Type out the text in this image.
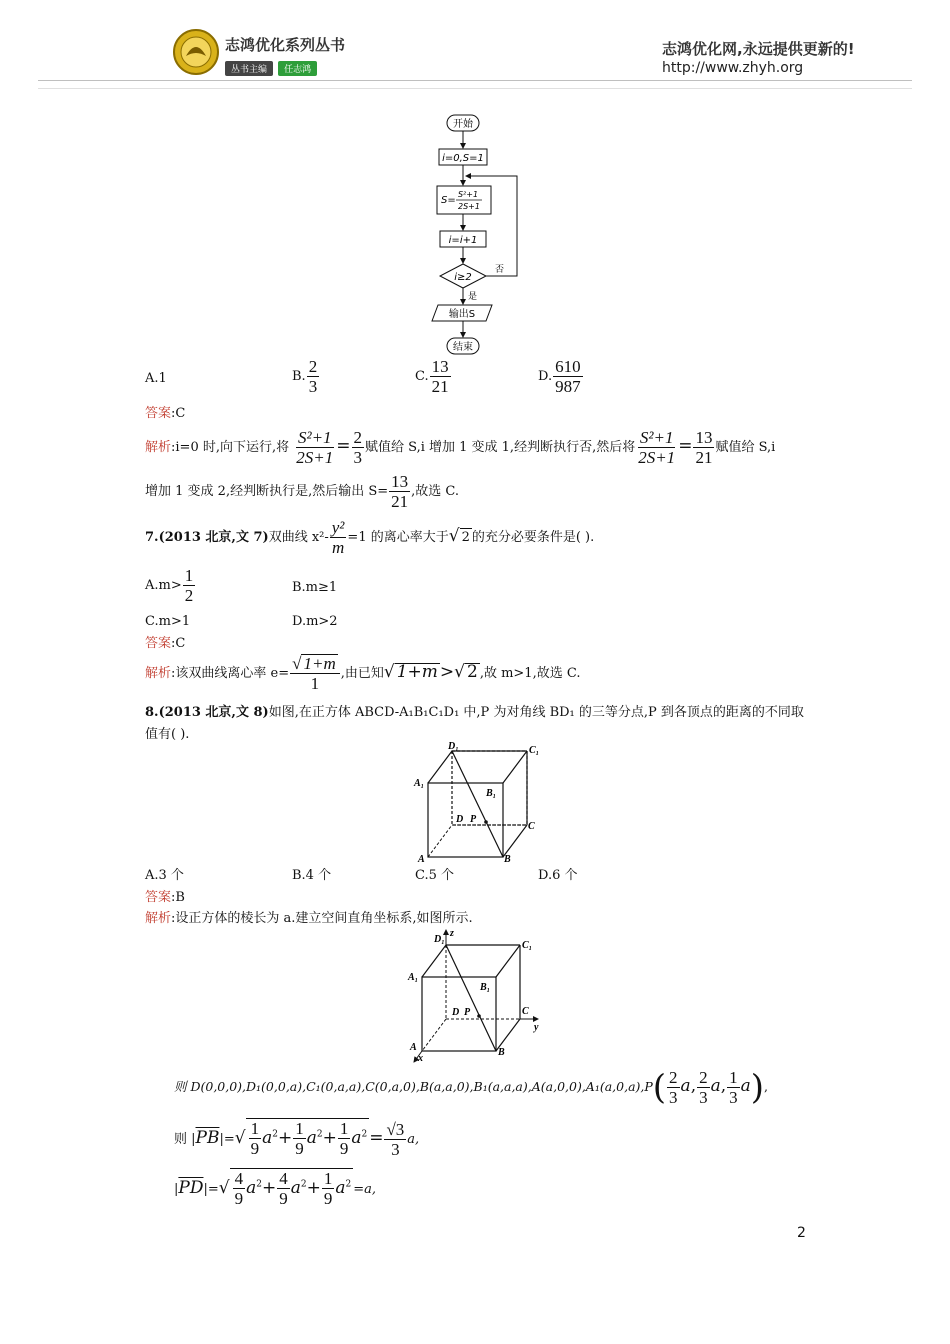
志鸿优化系列丛书
丛书主编 任志鸿
志鸿优化网,永远提供更新的!
http://www.zhyh.org
开始
i=0,S=1
S=
S²+1
2S+1
i=i+1
i≥2
否
是
输出S
结束
A.1	B. $\frac{2}{3}$	C. $\frac{13}{21}$	D. $\frac{610}{987}$
答案:C
解析:i=0 时,向下运行,将 $\frac{\text{S²+1}}{2S+1} = \frac{2}{3}$ 赋值给 S,i 增加 1 变成 1,经判断执行否,然后将 $\frac{\text{S²+1}}{2S+1} = \frac{13}{21}$ 赋值给 S,i
增加 1 变成 2,经判断执行是,然后输出 $S= \frac{13}{21}$ ,故选 C.
7.(2013 北京,文 7)双曲线 $x^2- \frac{\text{y²}}{m} =1$ 的离心率大于√ 2 的充分必要条件是( ).
$A.m> \frac{1}{2}$	B.m≥1
C.m>1	D.m>2
答案:C
解析:该双曲线离心率 $e= \frac{√ 1+m}{1}$ ,由已知√ 1+m >√ 2 ,故 m>1,故选 C.
8.(2013 北京,文 8)如图,在正方体 ABCD-A₁B₁C₁D₁ 中,P 为对角线 BD₁ 的三等分点,P 到各顶点的距离的不同取
值有( ).
D₁	C₁
A₁
B₁
D P
C
A	B
A.3 个	B.4 个	C.5 个	D.6 个
答案:B
解析:设正方体的棱长为 a.建立空间直角坐标系,如图所示.
D₁
z
C₁
A₁
B₁
D P	C
y
A	B
x
则 $D(0,0,0),D_1(0,0,a),C_1(0,a,a),C(0,a,0),B(a,a,0),B_1(a,a,a),A(a,0,0),A_1(a,0,a),P( \frac{2}{3} a$, $\frac{2}{3} a$, $\frac{1}{3} a$),
则 $|\overline{PB}|=√ \frac{1}{9} a^2+ \frac{1}{9} a^2+ \frac{1}{9} a^2 = \frac{√3}{3} a$,
$|\overline{PD}|=√ \frac{4}{9} a^2+ \frac{4}{9} a^2+ \frac{1}{9} a^2 =a$,
2
